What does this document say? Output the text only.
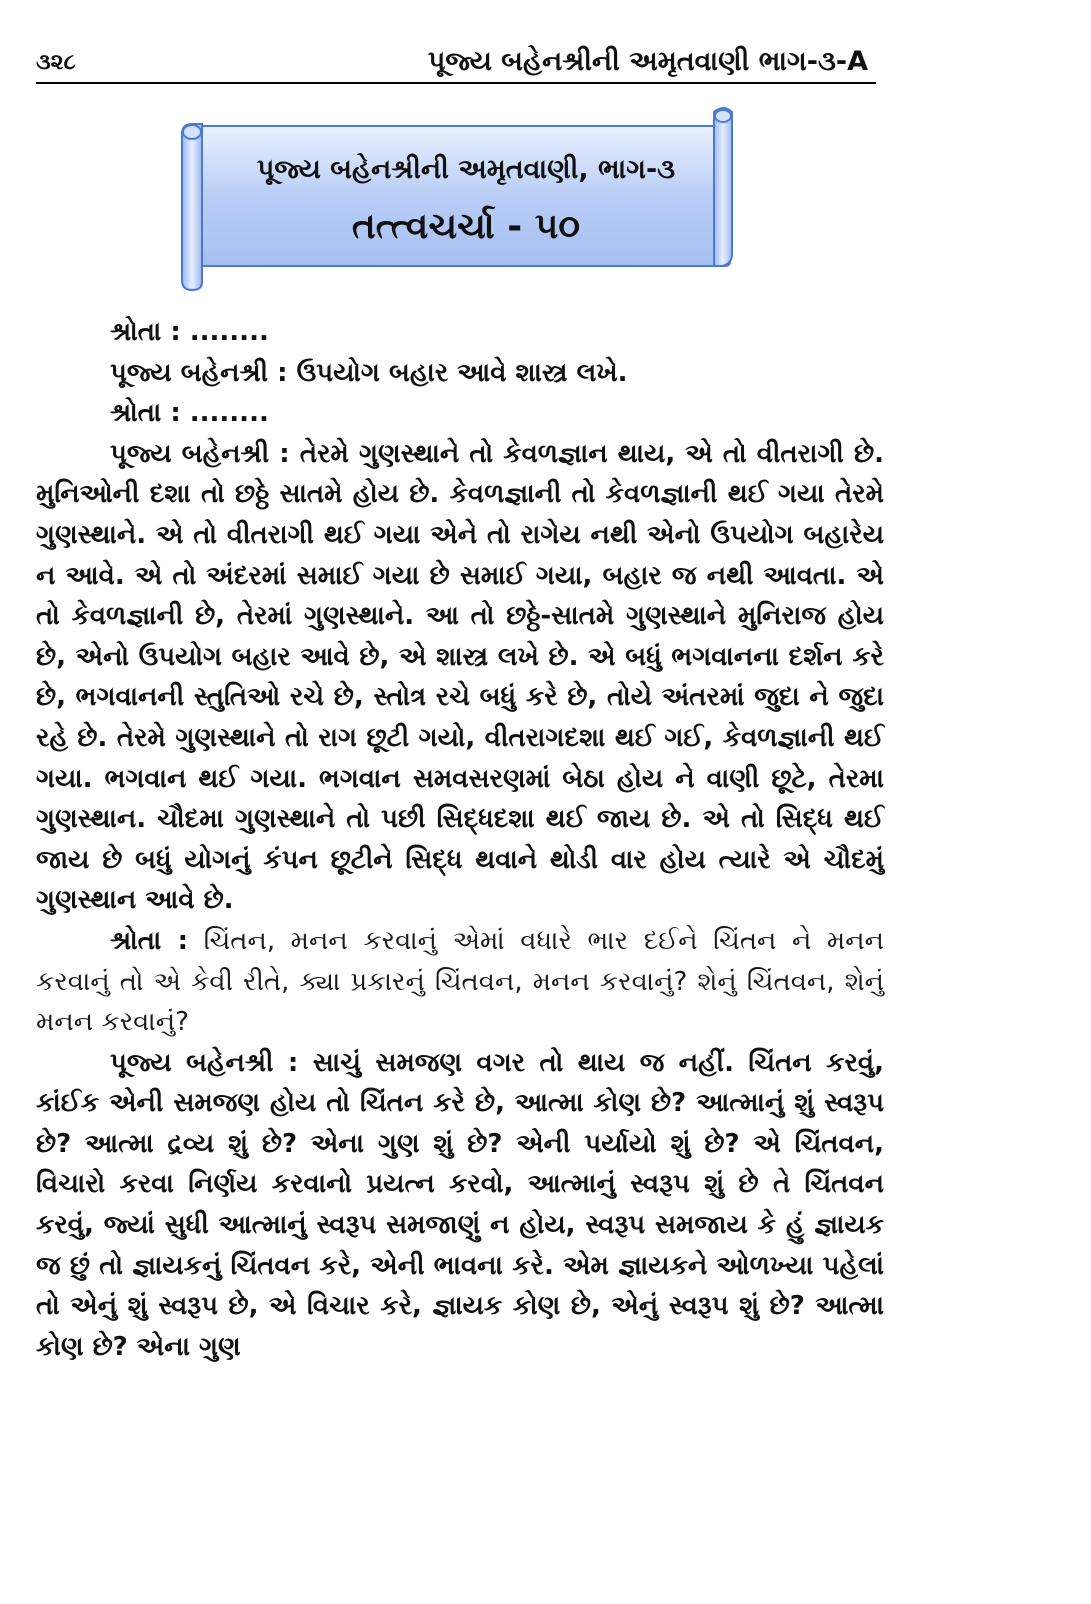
૩૨૮	પૂજ્ય બહેનશ્રીની અમૃતવાણી ભાગ-૩-A
પૂજ્ય બહેનશ્રીની અમૃતવાણી, ભાગ-૩
તત્ત્વચર્ચા - ૫૦

શ્રોતા : ........

પૂજ્ય બહેનશ્રી : ઉપયોગ બહાર આવે શાસ્ત્ર લખે.

શ્રોતા : ........

પૂજ્ય બહેનશ્રી : તેરમે ગુણસ્થાને તો કેવળજ્ઞાન થાય, એ તો વીતરાગી છે. મુનિઓની દશા તો છઠ્ઠે સાતમે હોય છે. કેવળજ્ઞાની તો કેવળજ્ઞાની થઈ ગયા તેરમે ગુણસ્થાને. એ તો વીતરાગી થઈ ગયા એને તો રાગેય નથી એનો ઉપયોગ બહારેય ન આવે. એ તો અંદરમાં સમાઈ ગયા છે સમાઈ ગયા, બહાર જ નથી આવતા. એ તો કેવળજ્ઞાની છે, તેરમાં ગુણસ્થાને. આ તો છઠ્ઠે-સાતમે ગુણસ્થાને મુનિરાજ હોય છે, એનો ઉપયોગ બહાર આવે છે, એ શાસ્ત્ર લખે છે. એ બધું ભગવાનના દર્શન કરે છે, ભગવાનની સ્તુતિઓ રચે છે, સ્તોત્ર રચે બધું કરે છે, તોયે અંતરમાં જુદા ને જુદા રહે છે. તેરમે ગુણસ્થાને તો રાગ છૂટી ગયો, વીતરાગદશા થઈ ગઈ, કેવળજ્ઞાની થઈ ગયા. ભગવાન થઈ ગયા. ભગવાન સમવસરણમાં બેઠા હોય ને વાણી છૂટે, તેરમા ગુણસ્થાન. ચૌદમા ગુણસ્થાને તો પછી સિદ્ધદશા થઈ જાય છે. એ તો સિદ્ધ થઈ જાય છે બધું યોગનું કંપન છૂટીને સિદ્ધ થવાને થોડી વાર હોય ત્યારે એ ચૌદમું ગુણસ્થાન આવે છે.

શ્રોતા : ચિંતન, મનન કરવાનું એમાં વધારે ભાર દઈને ચિંતન ને મનન કરવાનું તો એ કેવી રીતે, ક્યા પ્રકારનું ચિંતવન, મનન કરવાનું? શેનું ચિંતવન, શેનું મનન કરવાનું?

પૂજ્ય બહેનશ્રી : સાચું સમજણ વગર તો થાય જ નહીં. ચિંતન કરવું, કાંઈક એની સમજણ હોય તો ચિંતન કરે છે, આત્મા કોણ છે? આત્માનું શું સ્વરૂપ છે? આત્મા દ્રવ્ય શું છે? એના ગુણ શું છે? એની પર્યાયો શું છે? એ ચિંતવન, વિચારો કરવા નિર્ણય કરવાનો પ્રયત્ન કરવો, આત્માનું સ્વરૂપ શું છે તે ચિંતવન કરવું, જ્યાં સુધી આત્માનું સ્વરૂપ સમજાણું ન હોય, સ્વરૂપ સમજાય કે હું જ્ઞાયક જ છું તો જ્ઞાયકનું ચિંતવન કરે, એની ભાવના કરે. એમ જ્ઞાયકને ઓળખ્યા પહેલાં તો એનું શું સ્વરૂપ છે, એ વિચાર કરે, જ્ઞાયક કોણ છે, એનું સ્વરૂપ શું છે? આત્મા કોણ છે? એના ગુણ
